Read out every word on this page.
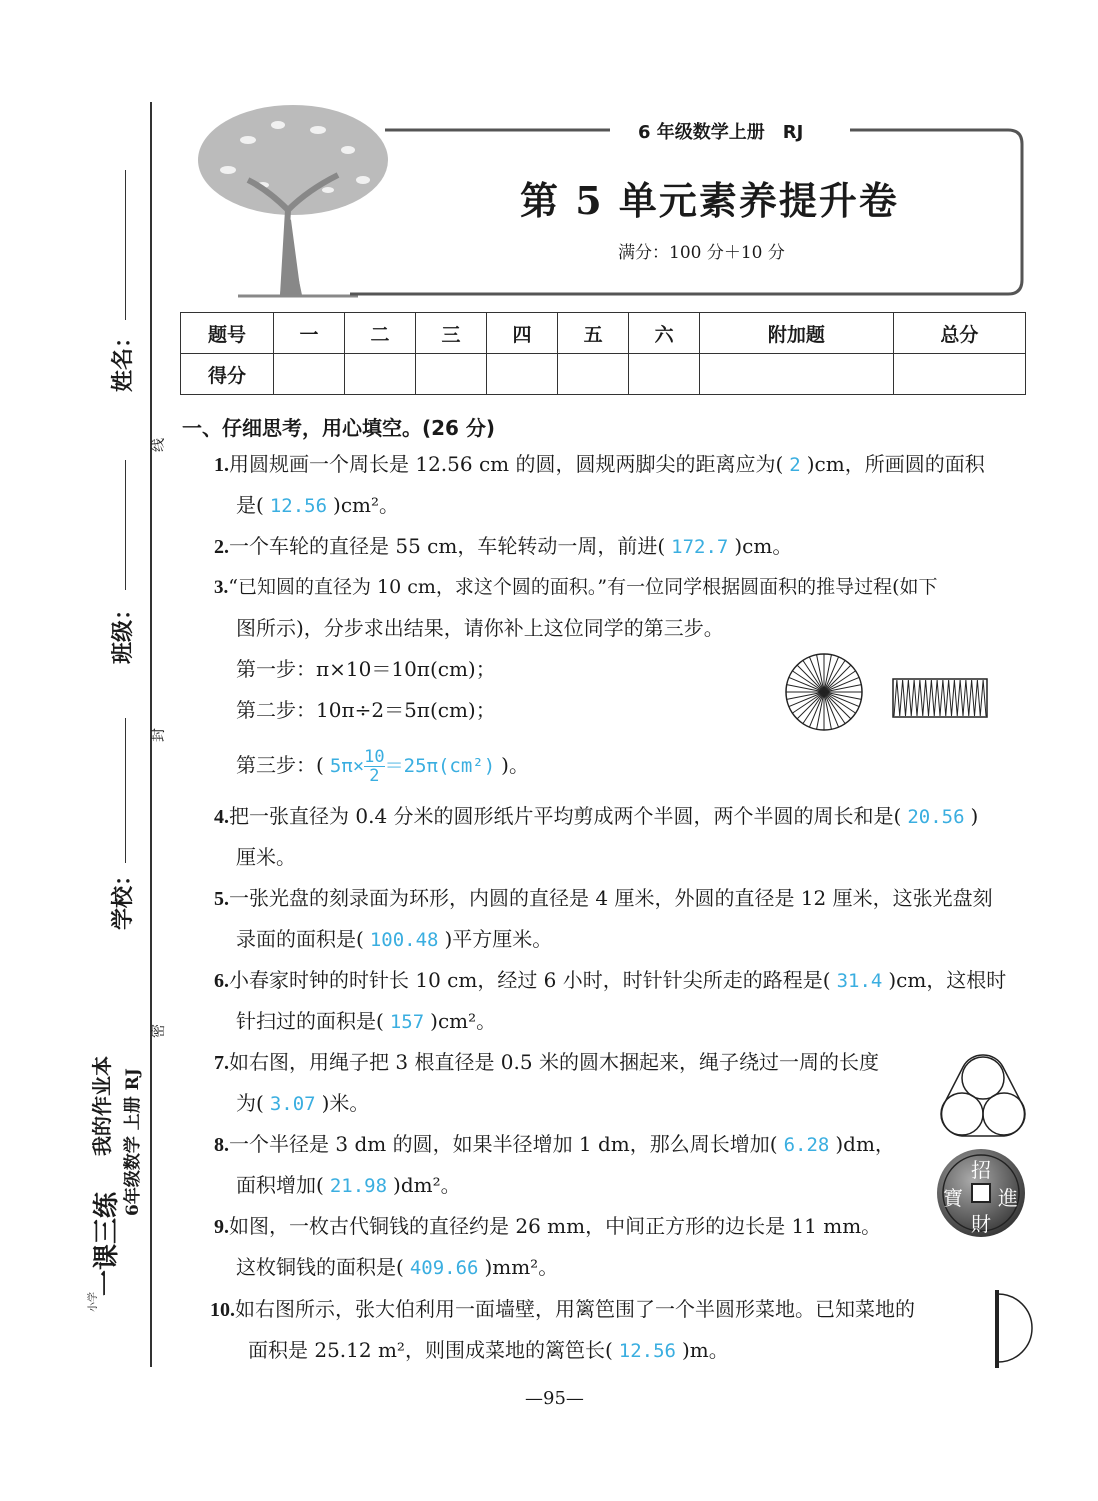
姓名：
线
班级：
封
学校：
密
一课三练
我的作业本 6年级数学 上册 RJ
小学
6 年级数学上册　RJ
第 5 单元素养提升卷
满分：100 分＋10 分
题号	一	二	三	四	五	六	附加题	总分
得分								
一、仔细思考，用心填空。(26 分)
1.用圆规画一个周长是 12.56 cm 的圆，圆规两脚尖的距离应为( 2 )cm，所画圆的面积
是( 12.56 )cm²。
2.一个车轮的直径是 55 cm，车轮转动一周，前进( 172.7 )cm。
3.“已知圆的直径为 10 cm，求这个圆的面积。”有一位同学根据圆面积的推导过程(如下
图所示)，分步求出结果，请你补上这位同学的第三步。
第一步：π×10＝10π(cm)；
第二步：10π÷2＝5π(cm)；
第三步：( $5\pi\times \frac{10}{2} =25\pi(cm^2)$ )。
4.把一张直径为 0.4 分米的圆形纸片平均剪成两个半圆，两个半圆的周长和是( 20.56 )
厘米。
5.一张光盘的刻录面为环形，内圆的直径是 4 厘米，外圆的直径是 12 厘米，这张光盘刻
录面的面积是( 100.48 )平方厘米。
6.小春家时钟的时针长 10 cm，经过 6 小时，时针针尖所走的路程是( 31.4 )cm，这根时
针扫过的面积是( 157 )cm²。
7.如右图，用绳子把 3 根直径是 0.5 米的圆木捆起来，绳子绕过一周的长度
为( 3.07 )米。
8.一个半径是 3 dm 的圆，如果半径增加 1 dm，那么周长增加( 6.28 )dm，
面积增加( 21.98 )dm²。
招
進
財
寶
9.如图，一枚古代铜钱的直径约是 26 mm，中间正方形的边长是 11 mm。
这枚铜钱的面积是( 409.66 )mm²。
10.如右图所示，张大伯利用一面墙壁，用篱笆围了一个半圆形菜地。已知菜地的
面积是 25.12 m²，则围成菜地的篱笆长( 12.56 )m。
—95—
